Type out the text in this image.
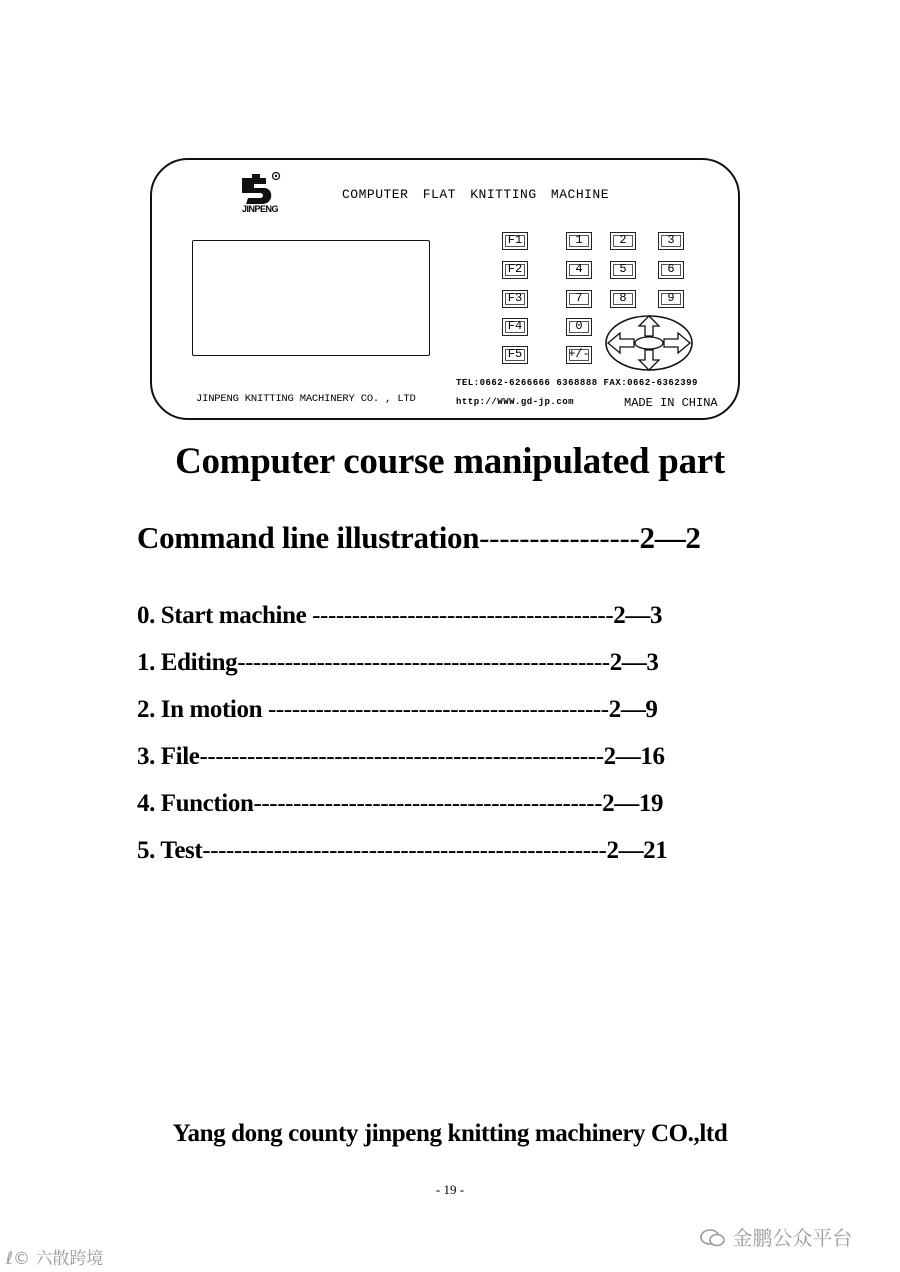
JINPENG
COMPUTER FLAT KNITTING MACHINE
F1
F2
F3
F4
F5
1	2	3
4	5	6
7	8	9
0
+/-
TEL:0662-6266666 6368888 FAX:0662-6362399
http://WWW.gd-jp.com
JINPENG KNITTING MACHINERY CO. , LTD	MADE IN CHINA
Computer course manipulated part
Command line illustration----------------2—2
0. Start machine --------------------------------------2—3
1. Editing-----------------------------------------------2—3
2. In motion -------------------------------------------2—9
3. File---------------------------------------------------2—16
4. Function--------------------------------------------2—19
5. Test---------------------------------------------------2—21
Yang dong county jinpeng knitting machinery CO.,ltd
- 19 -
金鹏公众平台
ℓ© 六散跨境
